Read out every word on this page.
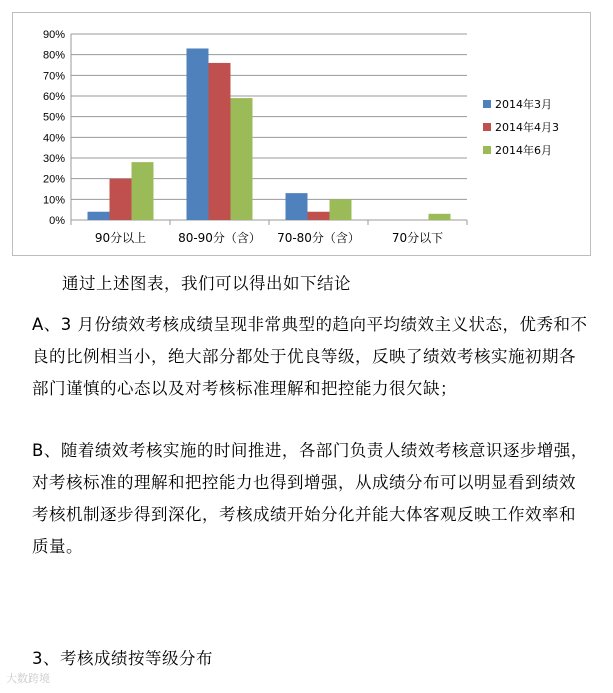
0%
10%
20%
30%
40%
50%
60%
70%
80%
90%
90分以上	80-90分（含） 70-80分（含）	70分以下
2014年3月
2014年4月3
2014年6月
通过上述图表，我们可以得出如下结论
A、3 月份绩效考核成绩呈现非常典型的趋向平均绩效主义状态，优秀和不良的比例相当小，绝大部分都处于优良等级，反映了绩效考核实施初期各部门谨慎的心态以及对考核标准理解和把控能力很欠缺；
B、随着绩效考核实施的时间推进，各部门负责人绩效考核意识逐步增强，对考核标准的理解和把控能力也得到增强，从成绩分布可以明显看到绩效考核机制逐步得到深化，考核成绩开始分化并能大体客观反映工作效率和质量。
3、考核成绩按等级分布
大数跨境
